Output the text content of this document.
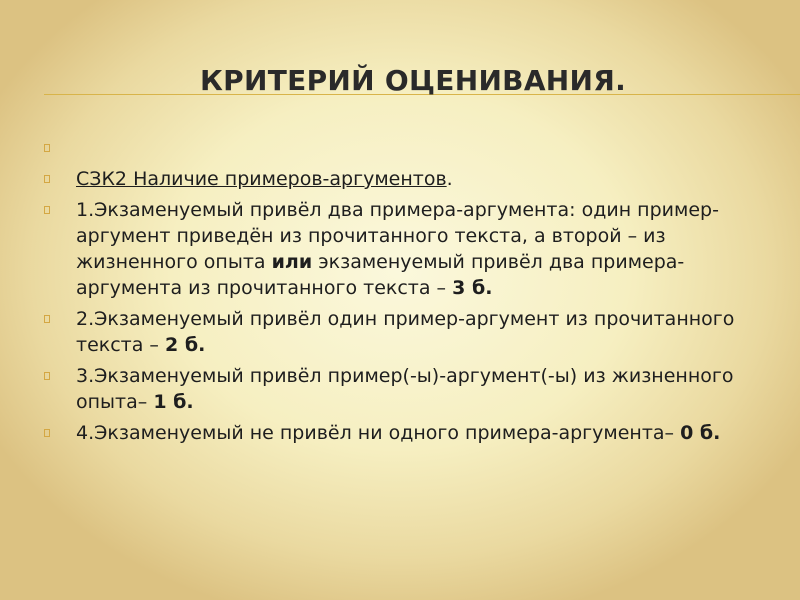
КРИТЕРИЙ ОЦЕНИВАНИЯ.
СЗК2 Наличие примеров-аргументов.
1.Экзаменуемый привёл два примера-аргумента: один пример-аргумент приведён из прочитанного текста, а второй – из жизненного опыта или экзаменуемый привёл два примера-аргумента из прочитанного текста – 3 б.
2.Экзаменуемый привёл один пример-аргумент из прочитанного текста – 2 б.
3.Экзаменуемый привёл пример(-ы)-аргумент(-ы) из жизненного опыта– 1 б.
4.Экзаменуемый не привёл ни одного примера-аргумента– 0 б.
